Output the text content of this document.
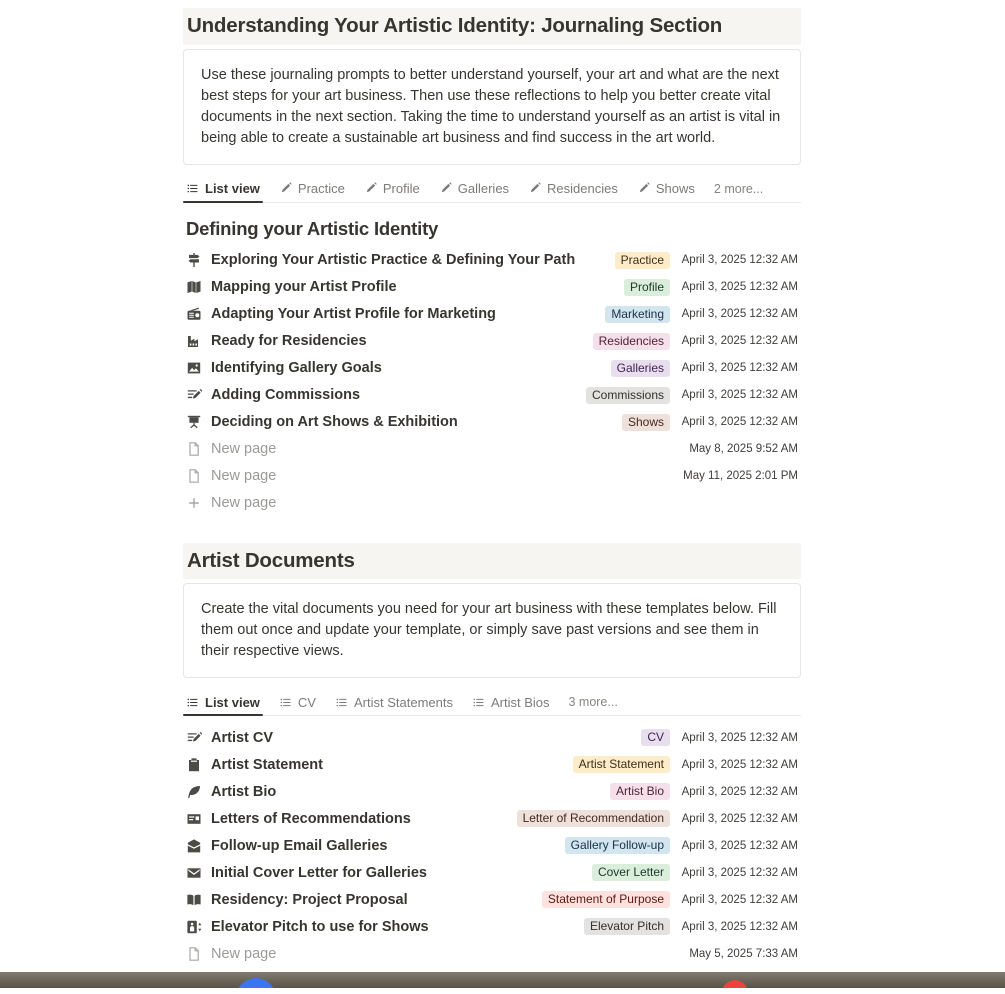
Understanding Your Artistic Identity: Journaling Section
Use these journaling prompts to better understand yourself, your art and what are the next best steps for your art business. Then use these reflections to help you better create vital documents in the next section. Taking the time to understand yourself as an artist is vital in being able to create a sustainable art business and find success in the art world.
List view	Practice	Profile	Galleries	Residencies	Shows 2 more...
Defining your Artistic Identity
Exploring Your Artistic Practice & Defining Your Path	Practice	April 3, 2025 12:32 AM
Mapping your Artist Profile	Profile	April 3, 2025 12:32 AM
Adapting Your Artist Profile for Marketing	Marketing	April 3, 2025 12:32 AM
Ready for Residencies	Residencies	April 3, 2025 12:32 AM
Identifying Gallery Goals	Galleries	April 3, 2025 12:32 AM
Adding Commissions	Commissions	April 3, 2025 12:32 AM
Deciding on Art Shows & Exhibition	Shows	April 3, 2025 12:32 AM
New page	May 8, 2025 9:52 AM
New page	May 11, 2025 2:01 PM
New page
Artist Documents
Create the vital documents you need for your art business with these templates below. Fill them out once and update your template, or simply save past versions and see them in their respective views.
List view	CV	Artist Statements	Artist Bios 3 more...
Artist CV	CV	April 3, 2025 12:32 AM
Artist Statement	Artist Statement	April 3, 2025 12:32 AM
Artist Bio	Artist Bio	April 3, 2025 12:32 AM
Letters of Recommendations	Letter of Recommendation	April 3, 2025 12:32 AM
Follow-up Email Galleries	Gallery Follow-up	April 3, 2025 12:32 AM
Initial Cover Letter for Galleries	Cover Letter	April 3, 2025 12:32 AM
Residency: Project Proposal	Statement of Purpose	April 3, 2025 12:32 AM
Elevator Pitch to use for Shows	Elevator Pitch	April 3, 2025 12:32 AM
New page	May 5, 2025 7:33 AM
